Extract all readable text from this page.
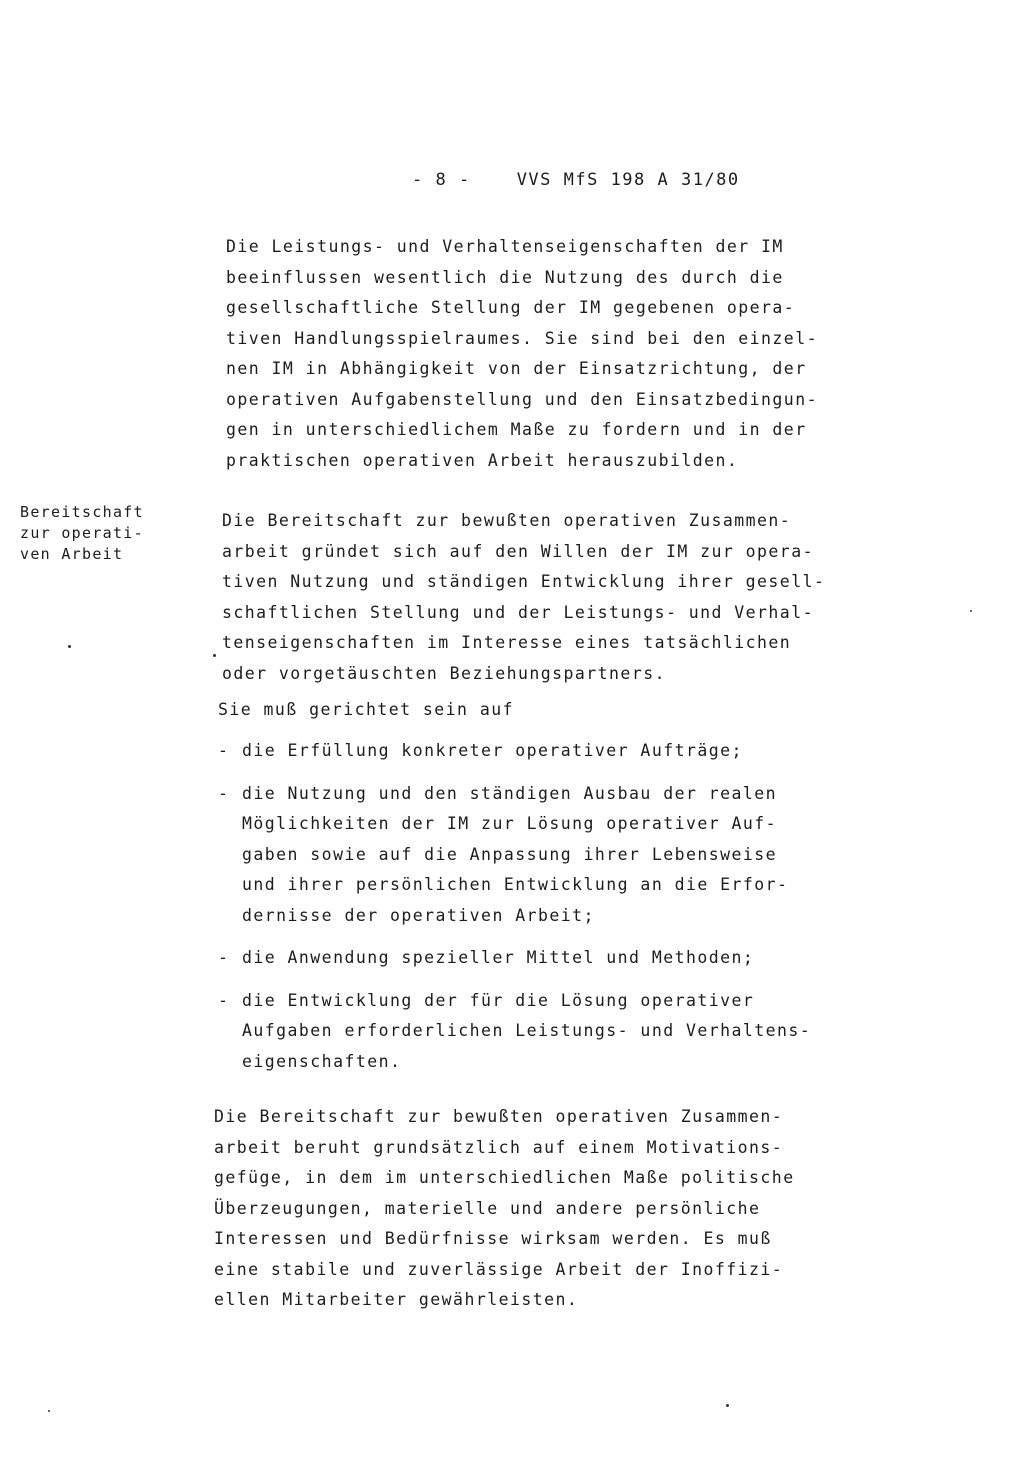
- 8 -	VVS MfS 198 A 31/80
Bereitschaft
zur operati-
ven Arbeit
Die Leistungs- und Verhaltenseigenschaften der IM
beeinflussen wesentlich die Nutzung des durch die
gesellschaftliche Stellung der IM gegebenen opera-
tiven Handlungsspielraumes. Sie sind bei den einzel-
nen IM in Abhängigkeit von der Einsatzrichtung, der
operativen Aufgabenstellung und den Einsatzbedingun-
gen in unterschiedlichem Maße zu fordern und in der
praktischen operativen Arbeit herauszubilden.
Die Bereitschaft zur bewußten operativen Zusammen-
arbeit gründet sich auf den Willen der IM zur opera-
tiven Nutzung und ständigen Entwicklung ihrer gesell-
schaftlichen Stellung und der Leistungs- und Verhal-
tenseigenschaften im Interesse eines tatsächlichen
oder vorgetäuschten Beziehungspartners.
Sie muß gerichtet sein auf
- die Erfüllung konkreter operativer Aufträge;
- die Nutzung und den ständigen Ausbau der realen
Möglichkeiten der IM zur Lösung operativer Auf-
gaben sowie auf die Anpassung ihrer Lebensweise
und ihrer persönlichen Entwicklung an die Erfor-
dernisse der operativen Arbeit;
- die Anwendung spezieller Mittel und Methoden;
- die Entwicklung der für die Lösung operativer
Aufgaben erforderlichen Leistungs- und Verhaltens-
eigenschaften.
Die Bereitschaft zur bewußten operativen Zusammen-
arbeit beruht grundsätzlich auf einem Motivations-
gefüge, in dem im unterschiedlichen Maße politische
Überzeugungen, materielle und andere persönliche
Interessen und Bedürfnisse wirksam werden. Es muß
eine stabile und zuverlässige Arbeit der Inoffizi-
ellen Mitarbeiter gewährleisten.
